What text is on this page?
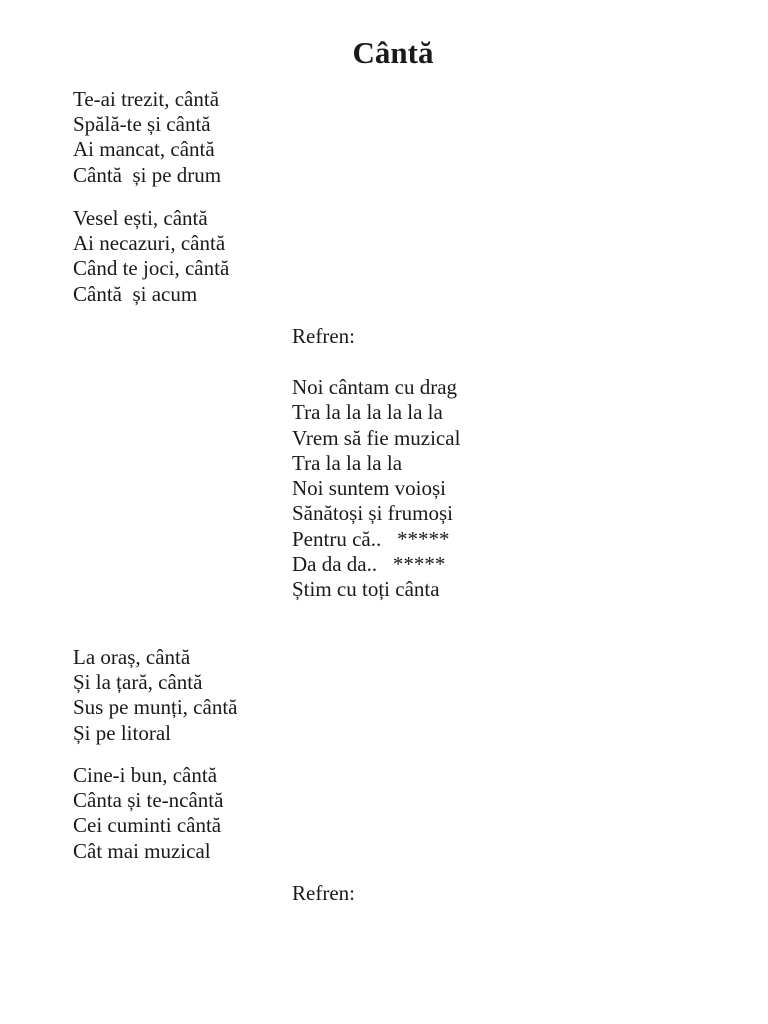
Cântă
Te-ai trezit, cântă
Spălă-te și cântă
Ai mancat, cântă
Cântă  și pe drum
Vesel ești, cântă
Ai necazuri, cântă
Când te joci, cântă
Cântă  și acum

Refren:

Noi cântam cu drag
Tra la la la la la la
Vrem să fie muzical
Tra la la la la
Noi suntem voioși
Sănătoși și frumoși
Pentru că..   *****
Da da da..   *****
Știm cu toți cânta
La oraș, cântă
Și la țară, cântă
Sus pe munți, cântă
Și pe litoral
Cine-i bun, cântă
Cânta și te-ncântă
Cei cuminti cântă
Cât mai muzical

Refren:
